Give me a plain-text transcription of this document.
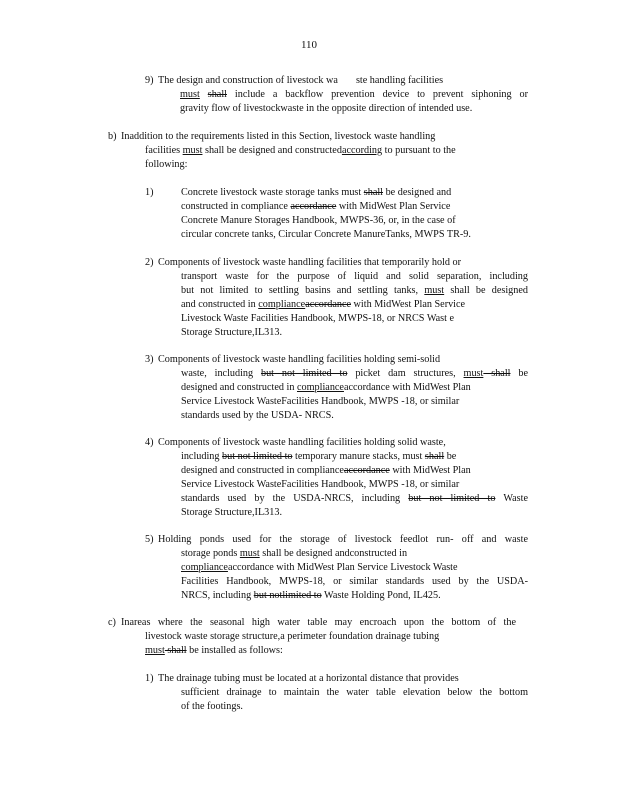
110
9) The design and construction of livestock wa ste handling facilities
must shall include a backflow prevention device to prevent siphoning or
gravity flow of livestockwaste in the opposite direction of intended use.
b) Inaddition to the requirements listed in this Section, livestock waste handling
facilities must shall be designed and constructedaccording to pursuant to the
following:
1)	Concrete livestock waste storage tanks must shall be designed and
constructed in compliance accordance with MidWest Plan Service
Concrete Manure Storages Handbook, MWPS-36, or, in the case of
circular concrete tanks, Circular Concrete ManureTanks, MWPS TR-9.
2) Components of livestock waste handling facilities that temporarily hold or
transport waste for the purpose of liquid and solid separation, including
but not limited to settling basins and settling tanks, must shall be designed
and constructed in complianceaccordance with MidWest Plan Service
Livestock Waste Facilities Handbook, MWPS-18, or NRCS Wast e
Storage Structure,IL313.
3) Components of livestock waste handling facilities holding semi-solid
waste, including but not limited to picket dam structures, must shall be
designed and constructed in complianceaccordance with MidWest Plan
Service Livestock WasteFacilities Handbook, MWPS -18, or similar
standards used by the USDA- NRCS.
4) Components of livestock waste handling facilities holding solid waste,
including but not limited to temporary manure stacks, must shall be
designed and constructed in complianceaccordance with MidWest Plan
Service Livestock WasteFacilities Handbook, MWPS -18, or similar
standards used by the USDA-NRCS, including but not limited to Waste
Storage Structure,IL313.
5) Holding ponds used for the storage of livestock feedlot run- off and waste
storage ponds must shall be designed andconstructed in
complianceaccordance with MidWest Plan Service Livestock Waste
Facilities Handbook, MWPS-18, or similar standards used by the USDA-
NRCS, including but notlimited to Waste Holding Pond, IL425.
c) Inareas where the seasonal high water table may encroach upon the bottom of the
livestock waste storage structure,a perimeter foundation drainage tubing
must shall be installed as follows:
1) The drainage tubing must be located at a horizontal distance that provides
sufficient drainage to maintain the water table elevation below the bottom
of the footings.
